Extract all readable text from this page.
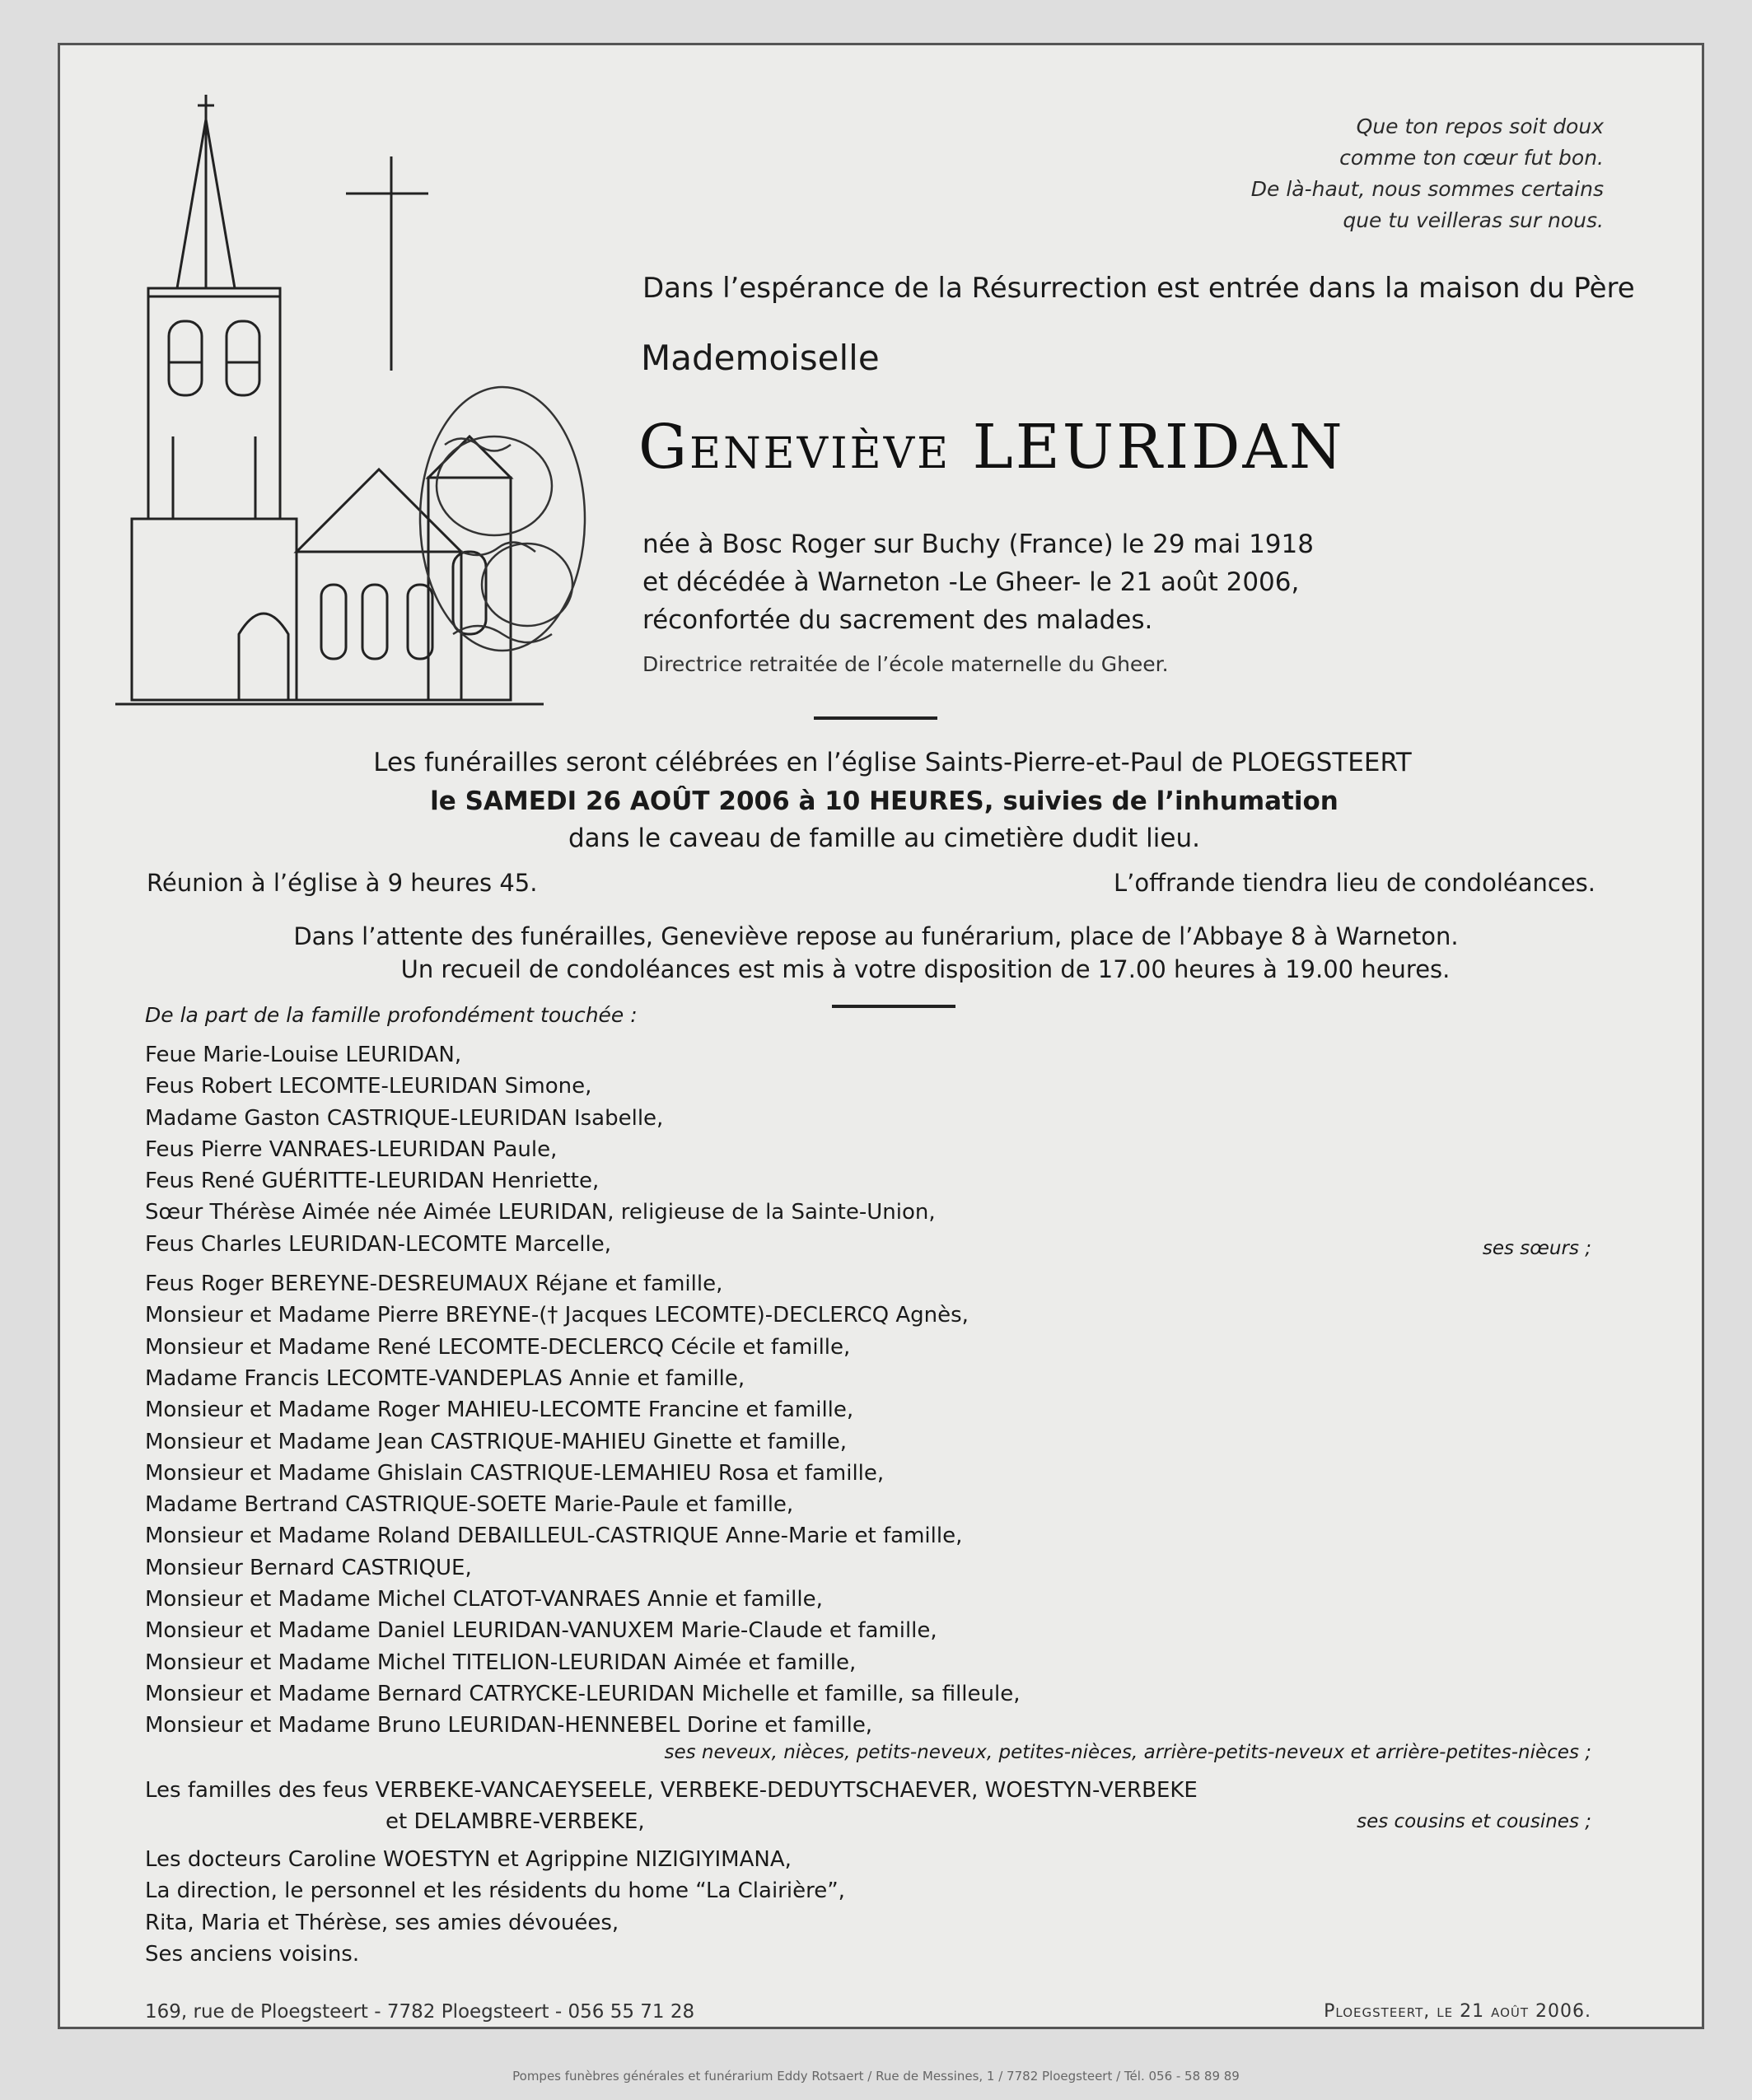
Que ton repos soit doux
comme ton cœur fut bon.
De là-haut, nous sommes certains
que tu veilleras sur nous.
Dans l’espérance de la Résurrection est entrée dans la maison du Père
Mademoiselle
Geneviève LEURIDAN
née à Bosc Roger sur Buchy (France) le 29 mai 1918
et décédée à Warneton -Le Gheer- le 21 août 2006,
réconfortée du sacrement des malades.
Directrice retraitée de l’école maternelle du Gheer.
Les funérailles seront célébrées en l’église Saints-Pierre-et-Paul de PLOEGSTEERT
le SAMEDI 26 AOÛT 2006 à 10 HEURES, suivies de l’inhumation
dans le caveau de famille au cimetière dudit lieu.
Réunion à l’église à 9 heures 45.	L’offrande tiendra lieu de condoléances.
Dans l’attente des funérailles, Geneviève repose au funérarium, place de l’Abbaye 8 à Warneton.
Un recueil de condoléances est mis à votre disposition de 17.00 heures à 19.00 heures.
De la part de la famille profondément touchée :
Feue Marie-Louise LEURIDAN,
Feus Robert LECOMTE-LEURIDAN Simone,
Madame Gaston CASTRIQUE-LEURIDAN Isabelle,
Feus Pierre VANRAES-LEURIDAN Paule,
Feus René GUÉRITTE-LEURIDAN Henriette,
Sœur Thérèse Aimée née Aimée LEURIDAN, religieuse de la Sainte-Union,
Feus Charles LEURIDAN-LECOMTE Marcelle,
Feus Roger BEREYNE-DESREUMAUX Réjane et famille,
Monsieur et Madame Pierre BREYNE-(† Jacques LECOMTE)-DECLERCQ Agnès,
Monsieur et Madame René LECOMTE-DECLERCQ Cécile et famille,
Madame Francis LECOMTE-VANDEPLAS Annie et famille,
Monsieur et Madame Roger MAHIEU-LECOMTE Francine et famille,
Monsieur et Madame Jean CASTRIQUE-MAHIEU Ginette et famille,
Monsieur et Madame Ghislain CASTRIQUE-LEMAHIEU Rosa et famille,
Madame Bertrand CASTRIQUE-SOETE Marie-Paule et famille,
Monsieur et Madame Roland DEBAILLEUL-CASTRIQUE Anne-Marie et famille,
Monsieur Bernard CASTRIQUE,
Monsieur et Madame Michel CLATOT-VANRAES Annie et famille,
Monsieur et Madame Daniel LEURIDAN-VANUXEM Marie-Claude et famille,
Monsieur et Madame Michel TITELION-LEURIDAN Aimée et famille,
Monsieur et Madame Bernard CATRYCKE-LEURIDAN Michelle et famille, sa filleule,
Monsieur et Madame Bruno LEURIDAN-HENNEBEL Dorine et famille,
Les familles des feus VERBEKE-VANCAEYSEELE, VERBEKE-DEDUYTSCHAEVER, WOESTYN-VERBEKE
et DELAMBRE-VERBEKE,
Les docteurs Caroline WOESTYN et Agrippine NIZIGIYIMANA,
La direction, le personnel et les résidents du home “La Clairière”,
Rita, Maria et Thérèse, ses amies dévouées,
Ses anciens voisins.
ses sœurs ;
ses neveux, nièces, petits-neveux, petites-nièces, arrière-petits-neveux et arrière-petites-nièces ;
ses cousins et cousines ;
169, rue de Ploegsteert - 7782 Ploegsteert - 056 55 71 28	Ploegsteert, le 21 août 2006.
Pompes funèbres générales et funérarium Eddy Rotsaert / Rue de Messines, 1 / 7782 Ploegsteert / Tél. 056 - 58 89 89
